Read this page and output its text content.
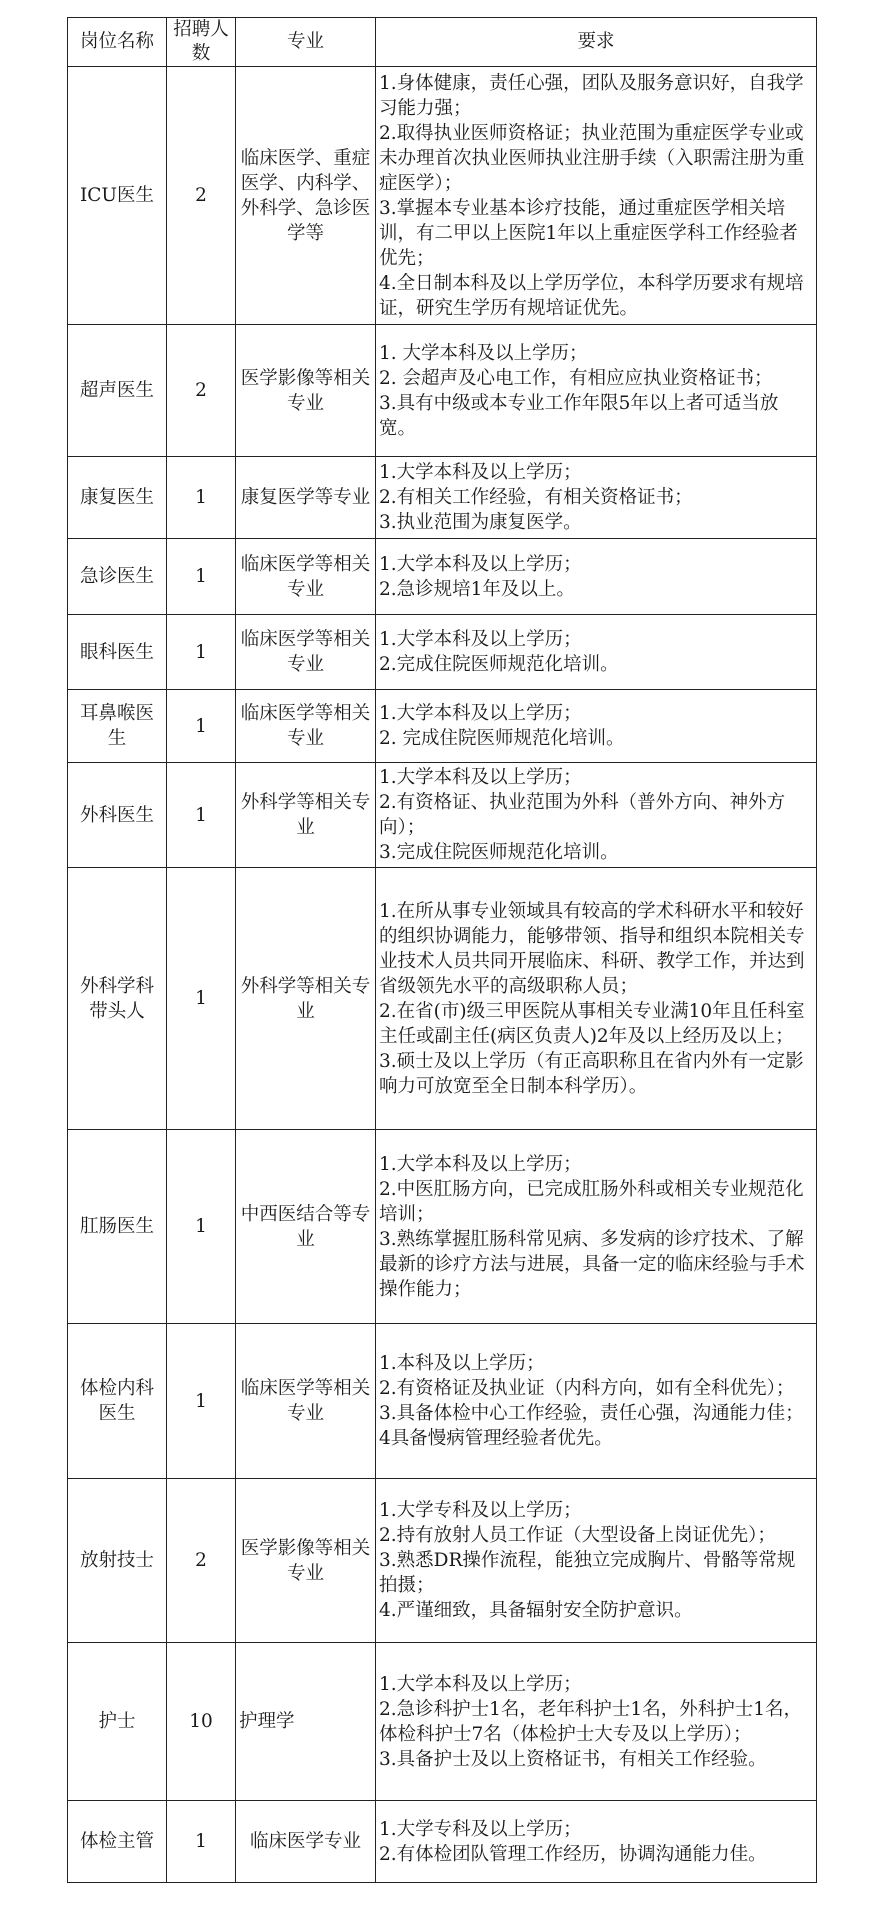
岗位名称	招聘人数	专业	要求
ICU医生	2	临床医学、重症医学、内科学、外科学、急诊医学等	1.身体健康，责任心强，团队及服务意识好，自我学习能力强；
2.取得执业医师资格证；执业范围为重症医学专业或未办理首次执业医师执业注册手续（入职需注册为重症医学）；
3.掌握本专业基本诊疗技能，通过重症医学相关培训，有二甲以上医院1年以上重症医学科工作经验者优先；
4.全日制本科及以上学历学位，本科学历要求有规培证，研究生学历有规培证优先。

超声医生	2	医学影像等相关专业	1. 大学本科及以上学历；
2. 会超声及心电工作，有相应应执业资格证书；
3.具有中级或本专业工作年限5年以上者可适当放宽。

康复医生	1	康复医学等专业	1.大学本科及以上学历；
2.有相关工作经验，有相关资格证书；
3.执业范围为康复医学。

急诊医生	1	临床医学等相关专业	1.大学本科及以上学历；
2.急诊规培1年及以上。

眼科医生	1	临床医学等相关专业	1.大学本科及以上学历；
2.完成住院医师规范化培训。

耳鼻喉医生	1	临床医学等相关专业	1.大学本科及以上学历；
2. 完成住院医师规范化培训。

外科医生	1	外科学等相关专业	1.大学本科及以上学历；
2.有资格证、执业范围为外科（普外方向、神外方向）；
3.完成住院医师规范化培训。

外科学科带头人	1	外科学等相关专业	1.在所从事专业领域具有较高的学术科研水平和较好的组织协调能力，能够带领、指导和组织本院相关专业技术人员共同开展临床、科研、教学工作，并达到省级领先水平的高级职称人员；
2.在省(市)级三甲医院从事相关专业满10年且任科室主任或副主任(病区负责人)2年及以上经历及以上；
3.硕士及以上学历（有正高职称且在省内外有一定影响力可放宽至全日制本科学历）。

肛肠医生	1	中西医结合等专业	1.大学本科及以上学历；
2.中医肛肠方向，已完成肛肠外科或相关专业规范化培训；
3.熟练掌握肛肠科常见病、多发病的诊疗技术、了解最新的诊疗方法与进展，具备一定的临床经验与手术操作能力；

体检内科医生	1	临床医学等相关专业	1.本科及以上学历；
2.有资格证及执业证（内科方向，如有全科优先）；
3.具备体检中心工作经验，责任心强，沟通能力佳；
4具备慢病管理经验者优先。

放射技士	2	医学影像等相关专业	1.大学专科及以上学历；
2.持有放射人员工作证（大型设备上岗证优先）；
3.熟悉DR操作流程，能独立完成胸片、骨骼等常规拍摄；
4.严谨细致，具备辐射安全防护意识。

护士	10	护理学	1.大学本科及以上学历；
2.急诊科护士1名，老年科护士1名，外科护士1名，体检科护士7名（体检护士大专及以上学历）；
3.具备护士及以上资格证书，有相关工作经验。

体检主管	1	临床医学专业	1.大学专科及以上学历；
2.有体检团队管理工作经历，协调沟通能力佳。
